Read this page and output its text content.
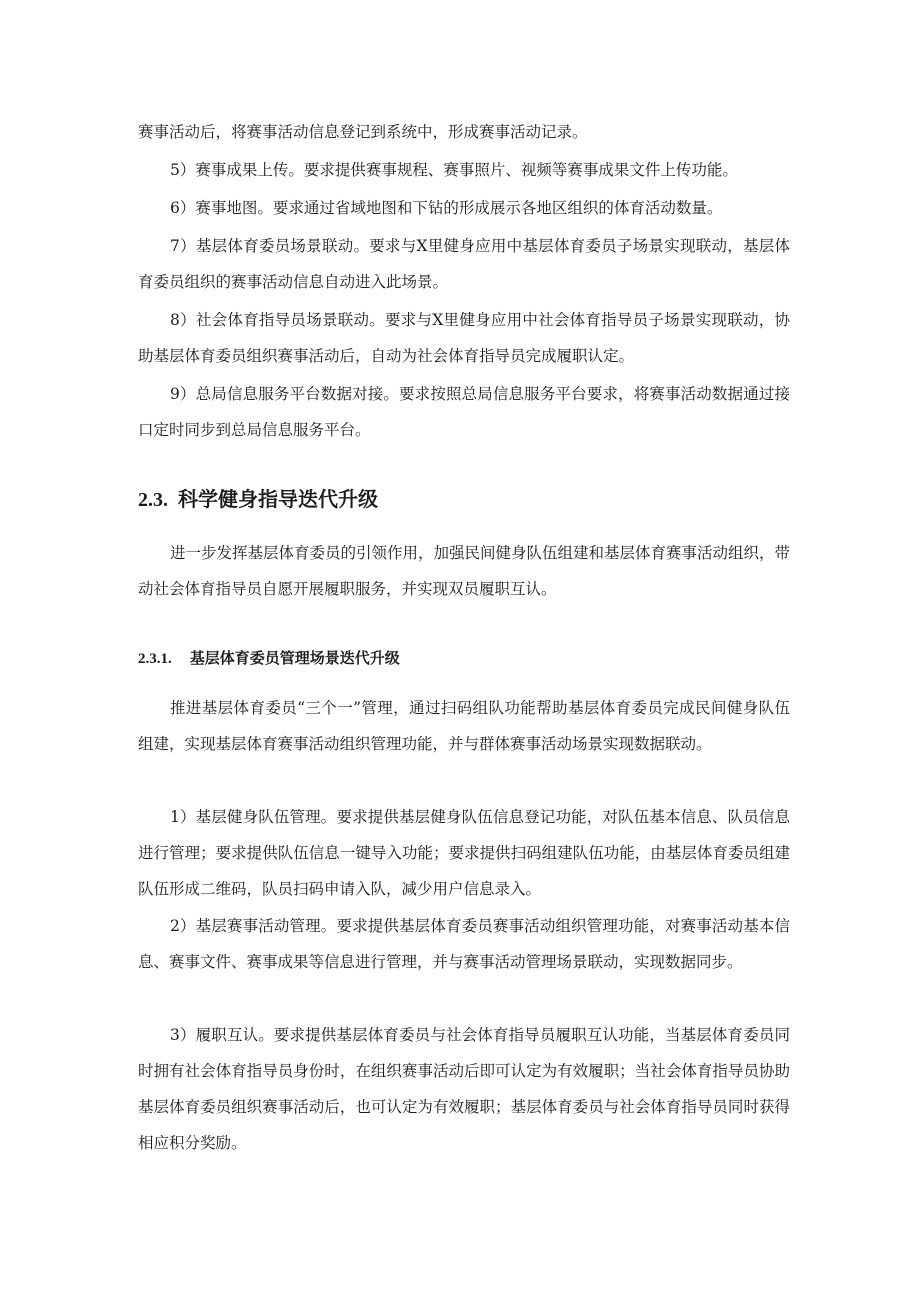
赛事活动后，将赛事活动信息登记到系统中，形成赛事活动记录。

5）赛事成果上传。要求提供赛事规程、赛事照片、视频等赛事成果文件上传功能。

6）赛事地图。要求通过省域地图和下钻的形成展示各地区组织的体育活动数量。

7）基层体育委员场景联动。要求与X里健身应用中基层体育委员子场景实现联动，基层体育委员组织的赛事活动信息自动进入此场景。

8）社会体育指导员场景联动。要求与X里健身应用中社会体育指导员子场景实现联动，协助基层体育委员组织赛事活动后，自动为社会体育指导员完成履职认定。

9）总局信息服务平台数据对接。要求按照总局信息服务平台要求，将赛事活动数据通过接口定时同步到总局信息服务平台。

2.3. 科学健身指导迭代升级

进一步发挥基层体育委员的引领作用，加强民间健身队伍组建和基层体育赛事活动组织，带动社会体育指导员自愿开展履职服务，并实现双员履职互认。

2.3.1. 基层体育委员管理场景迭代升级

推进基层体育委员“三个一”管理，通过扫码组队功能帮助基层体育委员完成民间健身队伍组建，实现基层体育赛事活动组织管理功能，并与群体赛事活动场景实现数据联动。

1）基层健身队伍管理。要求提供基层健身队伍信息登记功能，对队伍基本信息、队员信息进行管理；要求提供队伍信息一键导入功能；要求提供扫码组建队伍功能，由基层体育委员组建队伍形成二维码，队员扫码申请入队，减少用户信息录入。

2）基层赛事活动管理。要求提供基层体育委员赛事活动组织管理功能，对赛事活动基本信息、赛事文件、赛事成果等信息进行管理，并与赛事活动管理场景联动，实现数据同步。

3）履职互认。要求提供基层体育委员与社会体育指导员履职互认功能，当基层体育委员同时拥有社会体育指导员身份时，在组织赛事活动后即可认定为有效履职；当社会体育指导员协助基层体育委员组织赛事活动后，也可认定为有效履职；基层体育委员与社会体育指导员同时获得相应积分奖励。
